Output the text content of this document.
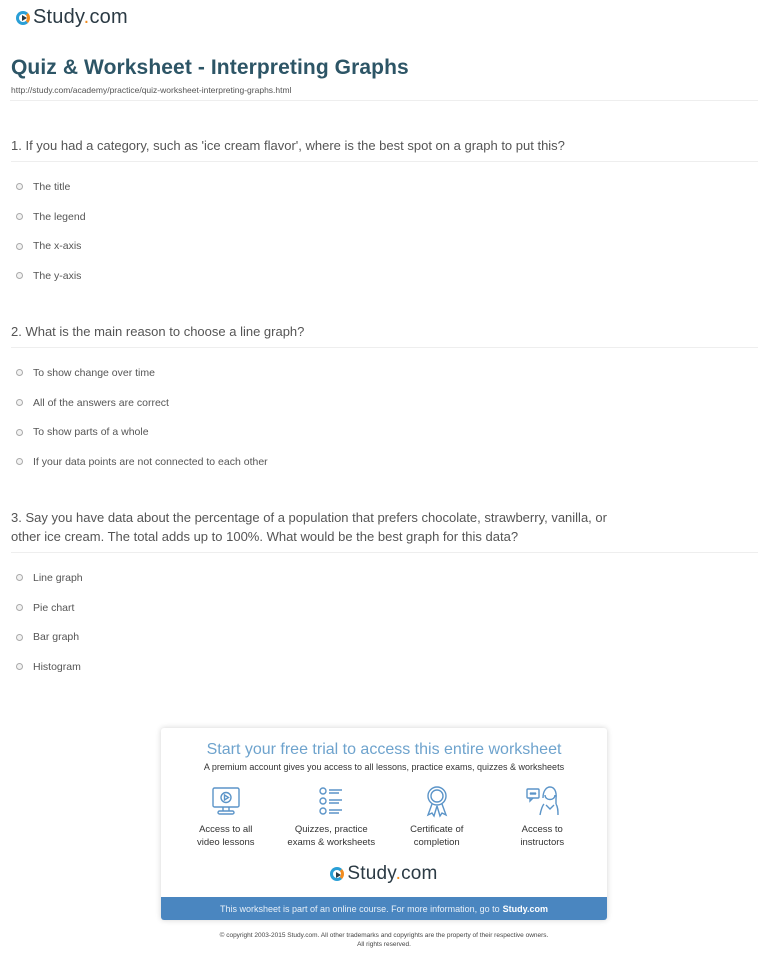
Study.com
Quiz & Worksheet - Interpreting Graphs
http://study.com/academy/practice/quiz-worksheet-interpreting-graphs.html
1. If you had a category, such as 'ice cream flavor', where is the best spot on a graph to put this?
The title
The legend
The x-axis
The y-axis
2. What is the main reason to choose a line graph?
To show change over time
All of the answers are correct
To show parts of a whole
If your data points are not connected to each other
3. Say you have data about the percentage of a population that prefers chocolate, strawberry, vanilla, or other ice cream. The total adds up to 100%. What would be the best graph for this data?
Line graph
Pie chart
Bar graph
Histogram
Start your free trial to access this entire worksheet
A premium account gives you access to all lessons, practice exams, quizzes & worksheets
Access to all
video lessons
Quizzes, practice
exams & worksheets
Certificate of
completion
Access to
instructors
Study.com
This worksheet is part of an online course. For more information, go to Study.com
© copyright 2003-2015 Study.com. All other trademarks and copyrights are the property of their respective owners.
All rights reserved.
